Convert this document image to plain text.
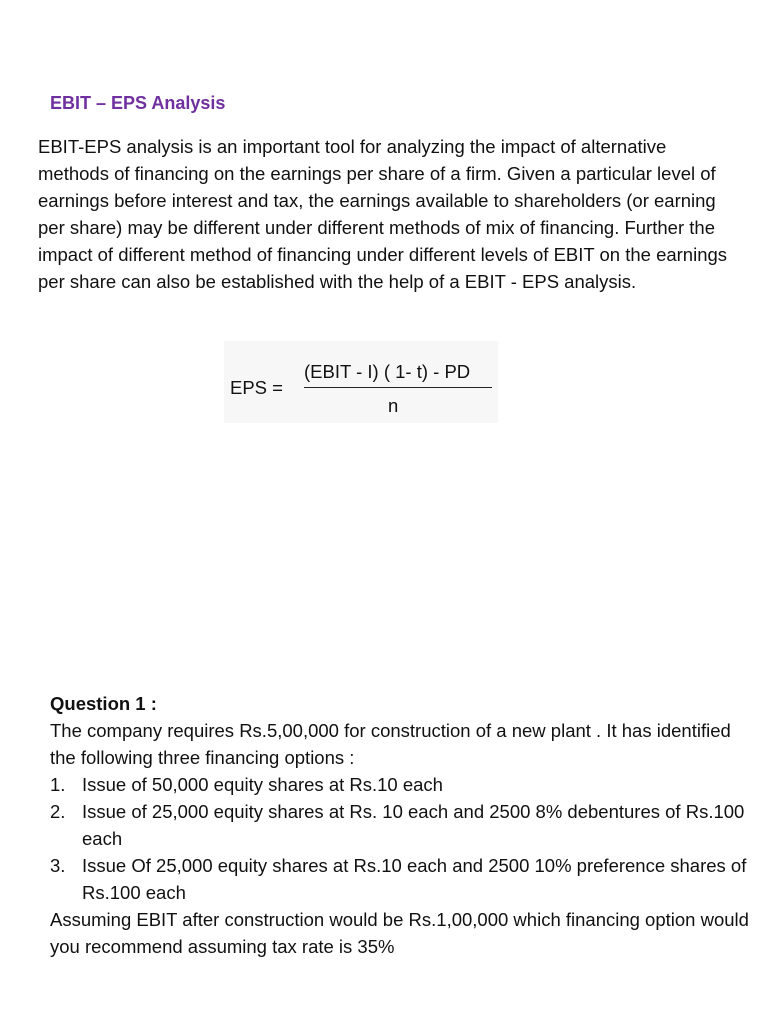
EBIT – EPS Analysis

EBIT-EPS analysis is an important tool for analyzing the impact of alternative methods of financing on the earnings per share of a firm. Given a particular level of earnings before interest and tax, the earnings available to shareholders (or earning per share) may be different under different methods of mix of financing. Further the impact of different method of financing under different levels of EBIT on the earnings per share can also be established with the help of a EBIT - EPS analysis.

EPS =
(EBIT - I) ( 1- t) - PD
n

Question 1 :

The company requires Rs.5,00,000 for construction of a new plant . It has identified the following three financing options :

1. Issue of 50,000 equity shares at Rs.10 each
2. Issue of 25,000 equity shares at Rs. 10 each and 2500 8% debentures of Rs.100 each
3. Issue Of 25,000 equity shares at Rs.10 each and 2500 10% preference shares of Rs.100 each

Assuming EBIT after construction would be Rs.1,00,000 which financing option would you recommend assuming tax rate is 35%
